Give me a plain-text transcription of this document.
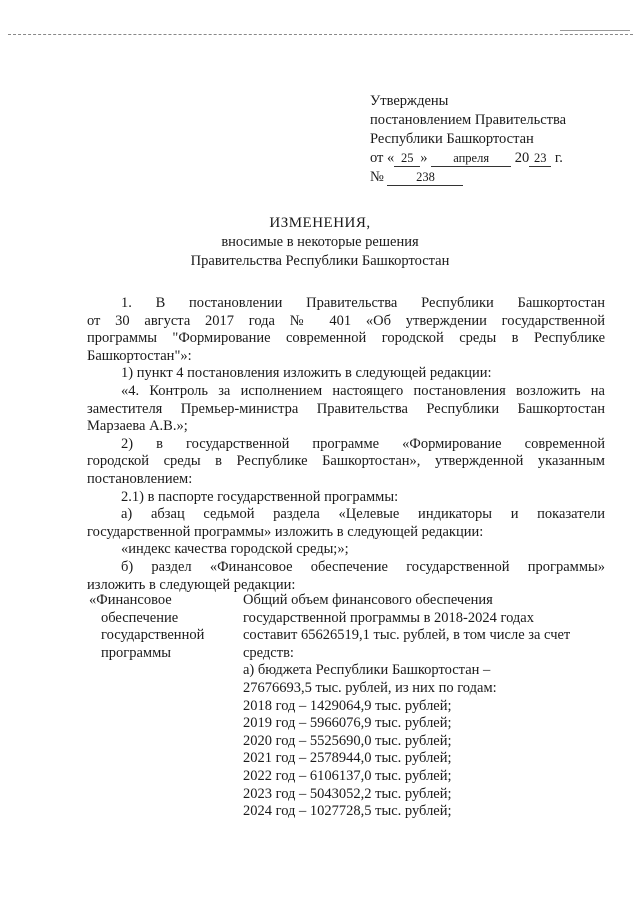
Утверждены
постановлением Правительства
Республики Башкортостан
от « 25 » апреля 20 23 г.
№	238
ИЗМЕНЕНИЯ,
вносимые в некоторые решения
Правительства Республики Башкортостан

1. В постановлении Правительства Республики Башкортостан

от 30 августа 2017 года № 401 «Об утверждении государственной

программы "Формирование современной городской среды в Республике

Башкортостан"»:

1) пункт 4 постановления изложить в следующей редакции:

«4. Контроль за исполнением настоящего постановления возложить на

заместителя Премьер-министра Правительства Республики Башкортостан

Марзаева А.В.»;

2) в государственной программе «Формирование современной

городской среды в Республике Башкортостан», утвержденной указанным

постановлением:

2.1) в паспорте государственной программы:

а) абзац седьмой раздела «Целевые индикаторы и показатели

государственной программы» изложить в следующей редакции:

«индекс качества городской среды;»;

б) раздел «Финансовое обеспечение государственной программы»

изложить в следующей редакции:

«Финансовое
обеспечение
государственной
программы
Общий объем финансового обеспечения
государственной программы в 2018-2024 годах
составит 65626519,1 тыс. рублей, в том числе за счет
средств:
а) бюджета Республики Башкортостан –
27676693,5 тыс. рублей, из них по годам:
2018 год – 1429064,9 тыс. рублей;
2019 год – 5966076,9 тыс. рублей;
2020 год – 5525690,0 тыс. рублей;
2021 год – 2578944,0 тыс. рублей;
2022 год – 6106137,0 тыс. рублей;
2023 год – 5043052,2 тыс. рублей;
2024 год – 1027728,5 тыс. рублей;
